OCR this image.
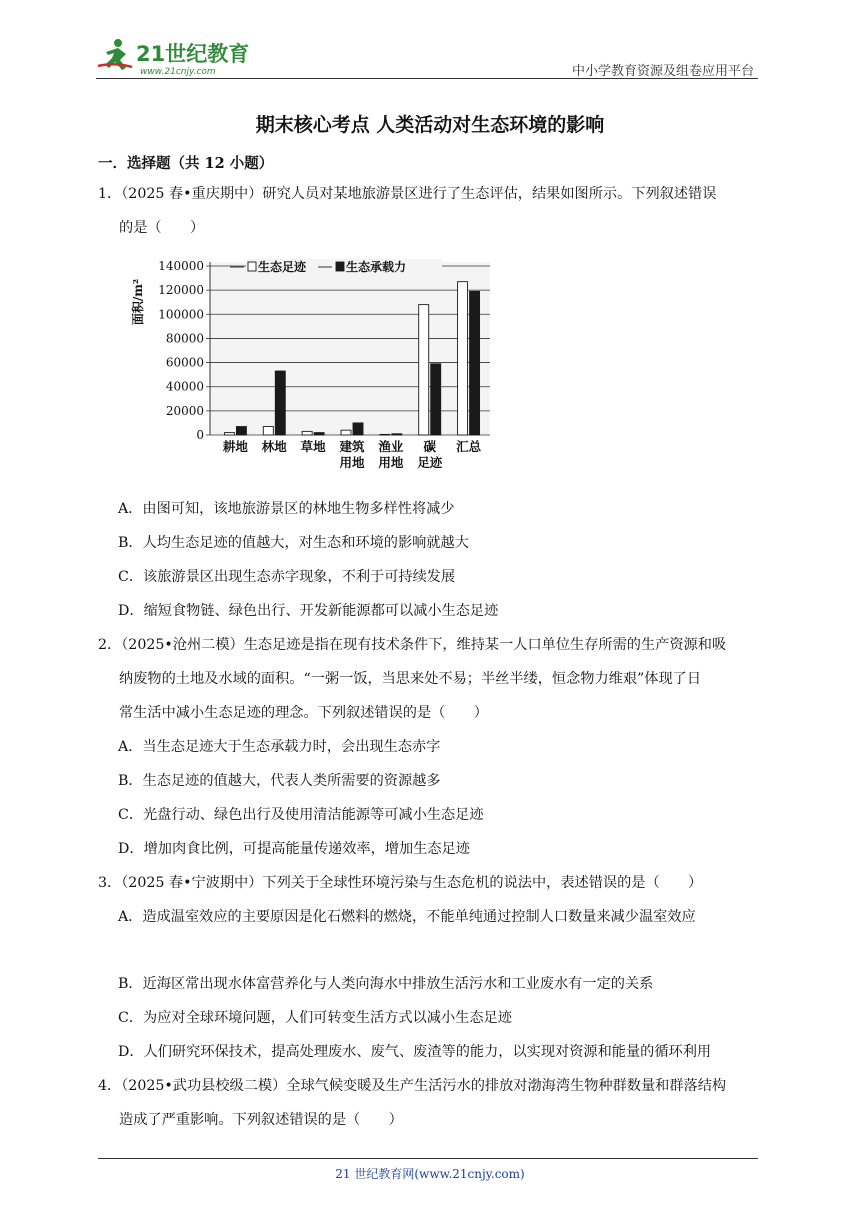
21世纪教育
www.21cnjy.com	中小学教育资源及组卷应用平台
期末核心考点 人类活动对生态环境的影响
一．选择题（共 12 小题）
1．（2025 春•重庆期中）研究人员对某地旅游景区进行了生态评估，结果如图所示。下列叙述错误
的是（　　）
0
20000
40000
60000
80000
100000
120000
140000
面积/m²
耕地 林地 草地 建筑
用地
渔业
用地
碳
足迹
汇总
生态足迹	生态承载力
A．由图可知，该地旅游景区的林地生物多样性将减少
B．人均生态足迹的值越大，对生态和环境的影响就越大
C．该旅游景区出现生态赤字现象，不利于可持续发展
D．缩短食物链、绿色出行、开发新能源都可以减小生态足迹
2．（2025•沧州二模）生态足迹是指在现有技术条件下，维持某一人口单位生存所需的生产资源和吸
纳废物的土地及水域的面积。“一粥一饭，当思来处不易；半丝半缕，恒念物力维艰”体现了日
常生活中减小生态足迹的理念。下列叙述错误的是（　　）
A．当生态足迹大于生态承载力时，会出现生态赤字
B．生态足迹的值越大，代表人类所需要的资源越多
C．光盘行动、绿色出行及使用清洁能源等可减小生态足迹
D．增加肉食比例，可提高能量传递效率，增加生态足迹
3．（2025 春•宁波期中）下列关于全球性环境污染与生态危机的说法中，表述错误的是（　　）
A．造成温室效应的主要原因是化石燃料的燃烧，不能单纯通过控制人口数量来减少温室效应
B．近海区常出现水体富营养化与人类向海水中排放生活污水和工业废水有一定的关系
C．为应对全球环境问题，人们可转变生活方式以减小生态足迹
D．人们研究环保技术，提高处理废水、废气、废渣等的能力，以实现对资源和能量的循环利用
4．（2025•武功县校级二模）全球气候变暖及生产生活污水的排放对渤海湾生物种群数量和群落结构
造成了严重影响。下列叙述错误的是（　　）
21 世纪教育网(www.21cnjy.com)
